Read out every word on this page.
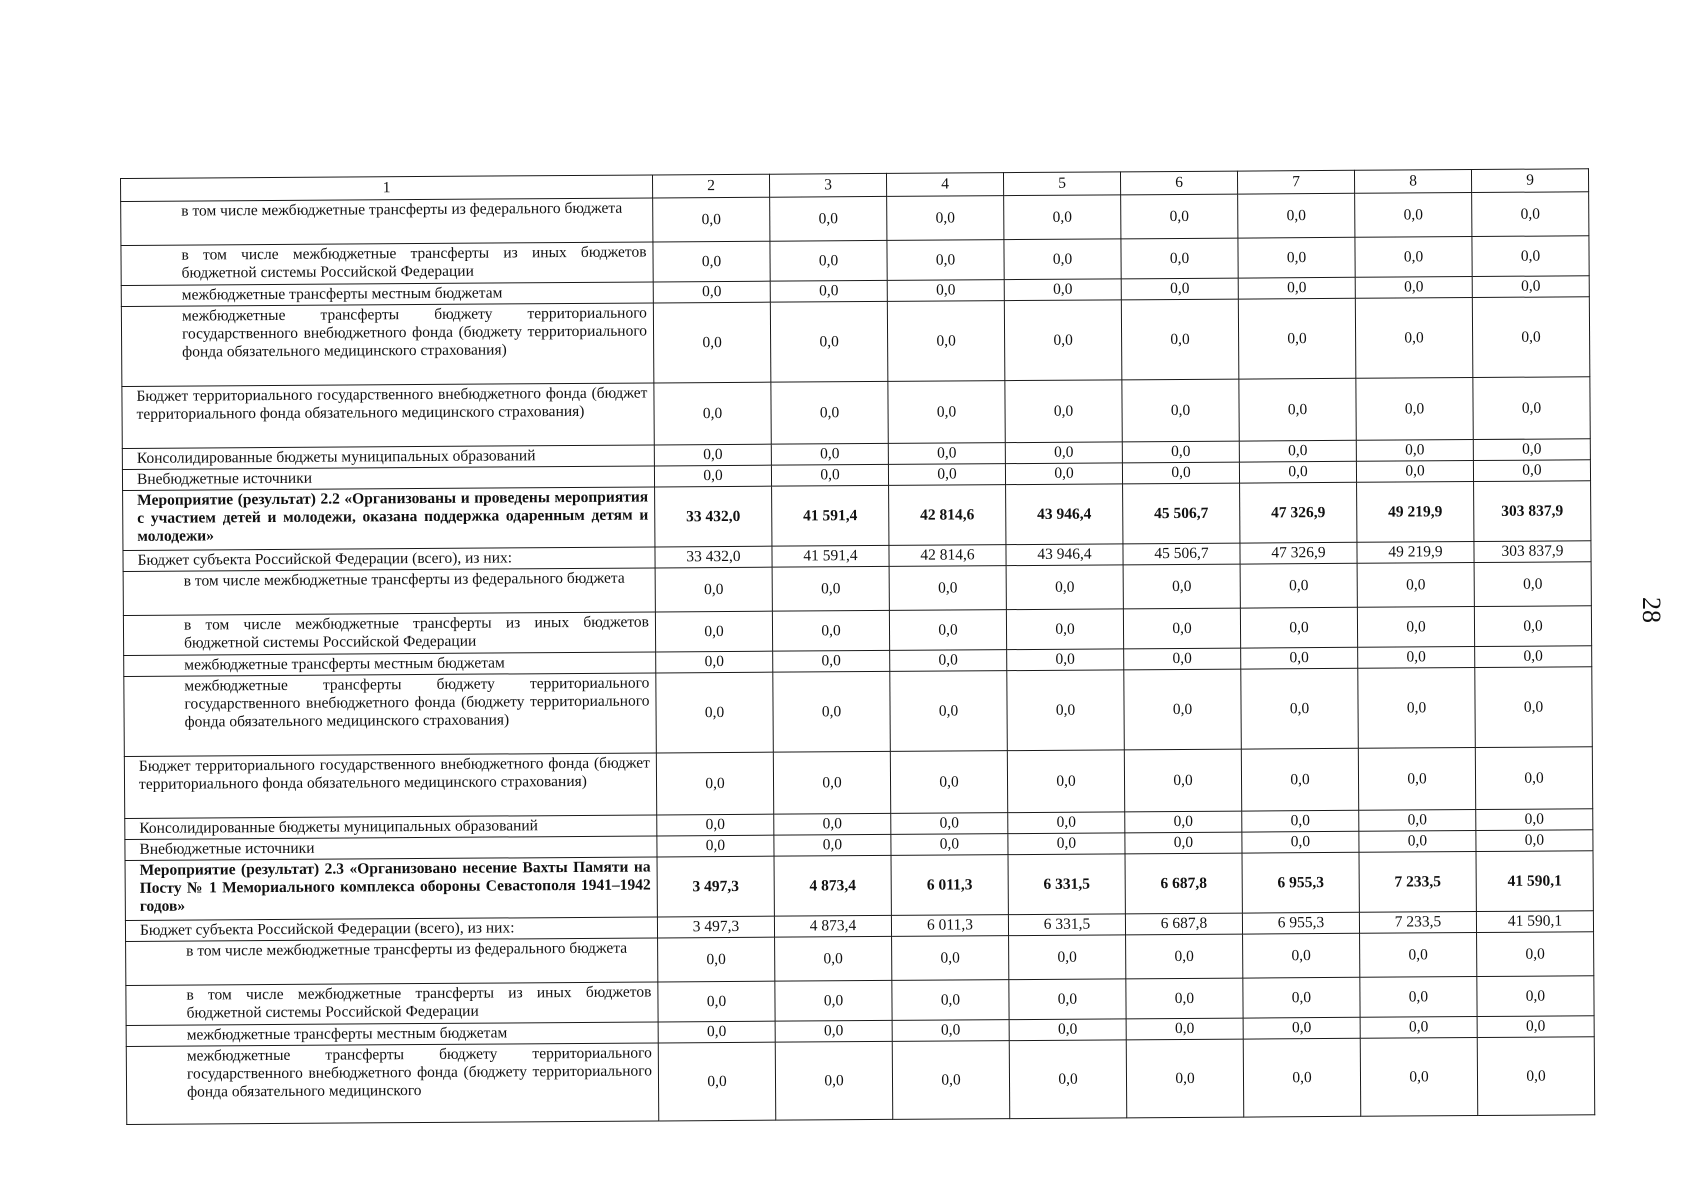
1	2	3	4	5	6	7	8	9
в том числе межбюджетные трансферты из федерального бюджета	0,0	0,0	0,0	0,0	0,0	0,0	0,0	0,0
в том числе межбюджетные трансферты из иных бюджетов бюджетной системы Российской Федерации	0,0	0,0	0,0	0,0	0,0	0,0	0,0	0,0
межбюджетные трансферты местным бюджетам	0,0	0,0	0,0	0,0	0,0	0,0	0,0	0,0
межбюджетные трансферты бюджету территориального государственного внебюджетного фонда (бюджету территориального фонда обязательного медицинского страхования)	0,0	0,0	0,0	0,0	0,0	0,0	0,0	0,0
Бюджет территориального государственного внебюджетного фонда (бюджет территориального фонда обязательного медицинского страхования)	0,0	0,0	0,0	0,0	0,0	0,0	0,0	0,0
Консолидированные бюджеты муниципальных образований	0,0	0,0	0,0	0,0	0,0	0,0	0,0	0,0
Внебюджетные источники	0,0	0,0	0,0	0,0	0,0	0,0	0,0	0,0
Мероприятие (результат) 2.2 «Организованы и проведены мероприятия с участием детей и молодежи, оказана поддержка одаренным детям и молодежи»	33 432,0	41 591,4	42 814,6	43 946,4	45 506,7	47 326,9	49 219,9	303 837,9
Бюджет субъекта Российской Федерации (всего), из них:	33 432,0	41 591,4	42 814,6	43 946,4	45 506,7	47 326,9	49 219,9	303 837,9
в том числе межбюджетные трансферты из федерального бюджета	0,0	0,0	0,0	0,0	0,0	0,0	0,0	0,0
в том числе межбюджетные трансферты из иных бюджетов бюджетной системы Российской Федерации	0,0	0,0	0,0	0,0	0,0	0,0	0,0	0,0
межбюджетные трансферты местным бюджетам	0,0	0,0	0,0	0,0	0,0	0,0	0,0	0,0
межбюджетные трансферты бюджету территориального государственного внебюджетного фонда (бюджету территориального фонда обязательного медицинского страхования)	0,0	0,0	0,0	0,0	0,0	0,0	0,0	0,0
Бюджет территориального государственного внебюджетного фонда (бюджет территориального фонда обязательного медицинского страхования)	0,0	0,0	0,0	0,0	0,0	0,0	0,0	0,0
Консолидированные бюджеты муниципальных образований	0,0	0,0	0,0	0,0	0,0	0,0	0,0	0,0
Внебюджетные источники	0,0	0,0	0,0	0,0	0,0	0,0	0,0	0,0
Мероприятие (результат) 2.3 «Организовано несение Вахты Памяти на Посту № 1 Мемориального комплекса обороны Севастополя 1941–1942 годов»	3 497,3	4 873,4	6 011,3	6 331,5	6 687,8	6 955,3	7 233,5	41 590,1
Бюджет субъекта Российской Федерации (всего), из них:	3 497,3	4 873,4	6 011,3	6 331,5	6 687,8	6 955,3	7 233,5	41 590,1
в том числе межбюджетные трансферты из федерального бюджета	0,0	0,0	0,0	0,0	0,0	0,0	0,0	0,0
в том числе межбюджетные трансферты из иных бюджетов бюджетной системы Российской Федерации	0,0	0,0	0,0	0,0	0,0	0,0	0,0	0,0
межбюджетные трансферты местным бюджетам	0,0	0,0	0,0	0,0	0,0	0,0	0,0	0,0
межбюджетные трансферты бюджету территориального государственного внебюджетного фонда (бюджету территориального фонда обязательного медицинского	0,0	0,0	0,0	0,0	0,0	0,0	0,0	0,0
28
